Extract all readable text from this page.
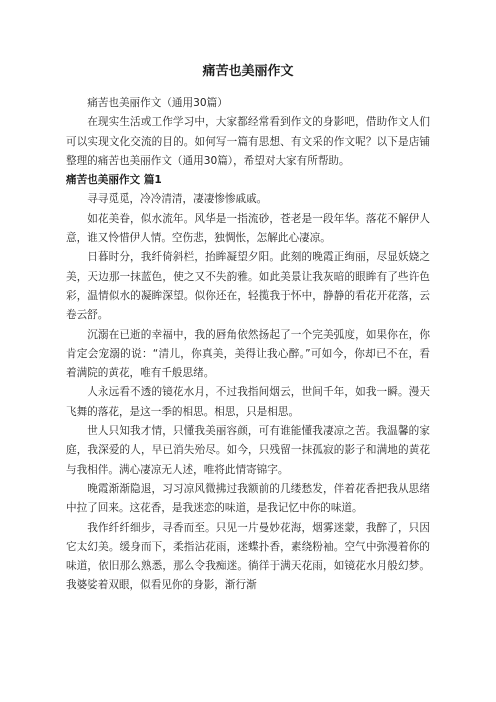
痛苦也美丽作文

痛苦也美丽作文（通用30篇）

在现实生活或工作学习中，大家都经常看到作文的身影吧，借助作文人们可以实现文化交流的目的。如何写一篇有思想、有文采的作文呢？以下是店铺整理的痛苦也美丽作文（通用30篇），希望对大家有所帮助。

痛苦也美丽作文 篇1

寻寻觅觅，冷冷清清，凄凄惨惨戚戚。

如花美眷，似水流年。风华是一指流砂，苍老是一段年华。落花不解伊人意，谁又怜惜伊人情。空伤悲，独惆怅，怎解此心凄凉。

日暮时分，我纤倚斜栏，抬眸凝望夕阳。此刻的晚霞正绚丽，尽显妖娆之美，天边那一抹蓝色，使之又不失韵雅。如此美景让我灰暗的眼眸有了些许色彩，温情似水的凝眸深望。似你还在，轻揽我于怀中，静静的看花开花落，云卷云舒。

沉溺在已逝的幸福中，我的唇角依然扬起了一个完美弧度，如果你在，你肯定会宠溺的说：“清儿，你真美，美得让我心醉。”可如今，你却已不在，看着满院的黄花，唯有千般思绪。

人永远看不透的镜花水月，不过我指间烟云，世间千年，如我一瞬。漫天飞舞的落花，是这一季的相思。相思，只是相思。

世人只知我才情，只懂我美丽容颜，可有谁能懂我凄凉之苦。我温馨的家庭，我深爱的人，早已消失殆尽。如今，只残留一抹孤寂的影子和满地的黄花与我相伴。满心凄凉无人述，唯将此情寄锦字。

晚霞渐渐隐退，习习凉风微拂过我额前的几缕愁发，伴着花香把我从思绪中拉了回来。这花香，是我迷恋的味道，是我记忆中你的味道。

我作纤纤细步，寻香而至。只见一片曼妙花海，烟雾迷蒙，我醉了，只因它太幻美。缓身而下，柔指沾花雨，迷蝶扑香，素绕粉袖。空气中弥漫着你的味道，依旧那么熟悉，那么令我痴迷。徜徉于满天花雨，如镜花水月般幻梦。我婆娑着双眼，似看见你的身影，渐行渐
